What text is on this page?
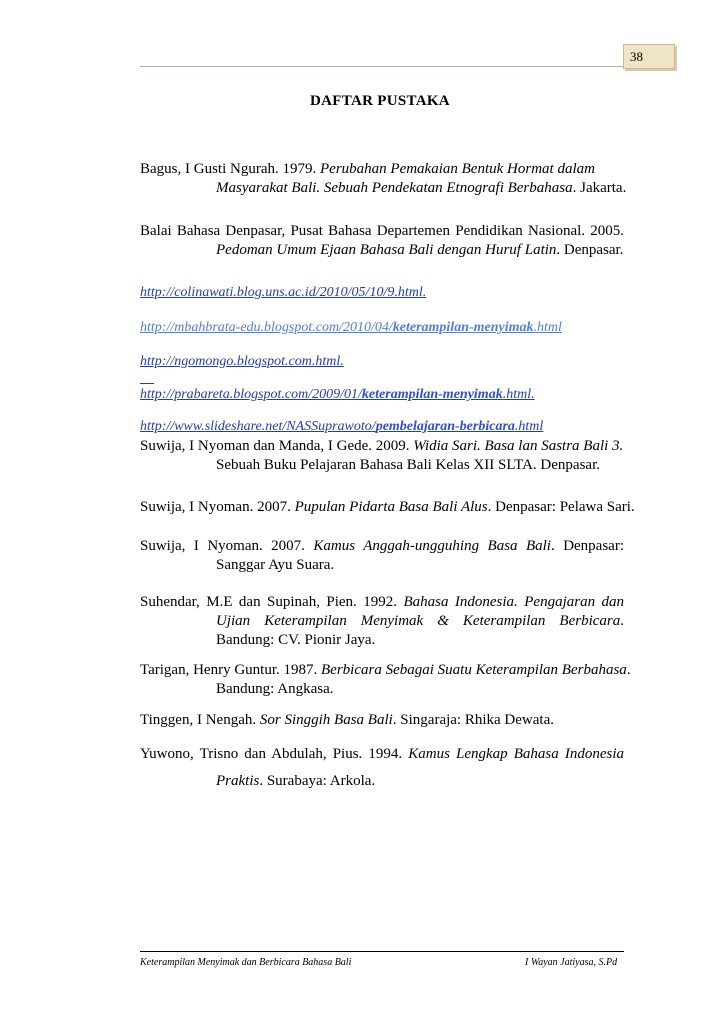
38
DAFTAR PUSTAKA
Bagus, I Gusti Ngurah. 1979. Perubahan Pemakaian Bentuk Hormat dalam
Masyarakat Bali. Sebuah Pendekatan Etnografi Berbahasa. Jakarta.
Balai Bahasa Denpasar, Pusat Bahasa Departemen Pendidikan Nasional. 2005.
Pedoman Umum Ejaan Bahasa Bali dengan Huruf Latin. Denpasar.
http://colinawati.blog.uns.ac.id/2010/05/10/9.html.
http://mbahbrata-edu.blogspot.com/2010/04/keterampilan-menyimak.html
http://ngomongo.blogspot.com.html.
http://prabareta.blogspot.com/2009/01/keterampilan-menyimak.html.
http://www.slideshare.net/NASSuprawoto/pembelajaran-berbicara.html
Suwija, I Nyoman dan Manda, I Gede. 2009. Widia Sari. Basa lan Sastra Bali 3.
Sebuah Buku Pelajaran Bahasa Bali Kelas XII SLTA. Denpasar.
Suwija, I Nyoman. 2007. Pupulan Pidarta Basa Bali Alus. Denpasar: Pelawa Sari.
Suwija, I Nyoman. 2007. Kamus Anggah-ungguhing Basa Bali. Denpasar:
Sanggar Ayu Suara.
Suhendar, M.E dan Supinah, Pien. 1992. Bahasa Indonesia. Pengajaran dan
Ujian Keterampilan Menyimak & Keterampilan Berbicara.
Bandung: CV. Pionir Jaya.
Tarigan, Henry Guntur. 1987. Berbicara Sebagai Suatu Keterampilan Berbahasa.
Bandung: Angkasa.
Tinggen, I Nengah. Sor Singgih Basa Bali. Singaraja: Rhika Dewata.
Yuwono, Trisno dan Abdulah, Pius. 1994. Kamus Lengkap Bahasa Indonesia
Praktis. Surabaya: Arkola.
Keterampilan Menyimak dan Berbicara Bahasa Bali	I Wayan Jatiyasa, S.Pd
